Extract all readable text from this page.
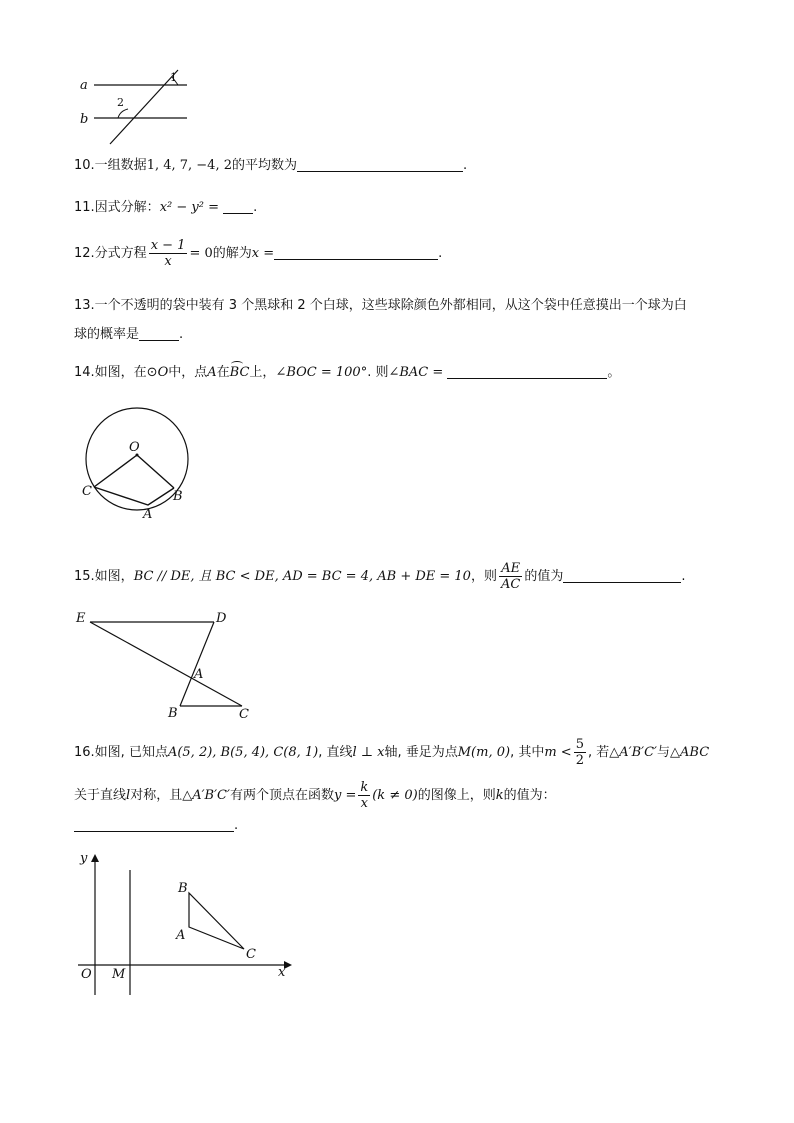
a
b
1
2
10.一组数据1, 4, 7, −4, 2的平均数为	.
11.因式分解：x² − y² =	.
12.分式方程 $\frac{x - 1}{x} = 0$的解为x =	.
13.一个不透明的袋中装有 3 个黑球和 2 个白球，这些球除颜色外都相同，从这个袋中任意摸出一个球为白
球的概率是	.
14.如图，在⊙O中，点A在BC
上，∠BOC = 100°. 则∠BAC =	。
O
C	B
A
15.如图，BC // DE, 且 BC < DE, AD = BC = 4, AB + DE = 10，则 $\frac{AE}{AC}$ 的值为	.
E	D
A
B	C
16.如图, 已知点A(5, 2), B(5, 4), C(8, 1), 直线l ⊥ x轴, 垂足为点M(m, 0), 其中$m < \frac{5}{2}$ , 若△A′B′C′与△ABC
关于直线l对称，且△A′B′C′有两个顶点在函数$y = \frac{k}{x} (k \ne 0)$的图像上，则k的值为：
.
y
x
O M
B
A
C
